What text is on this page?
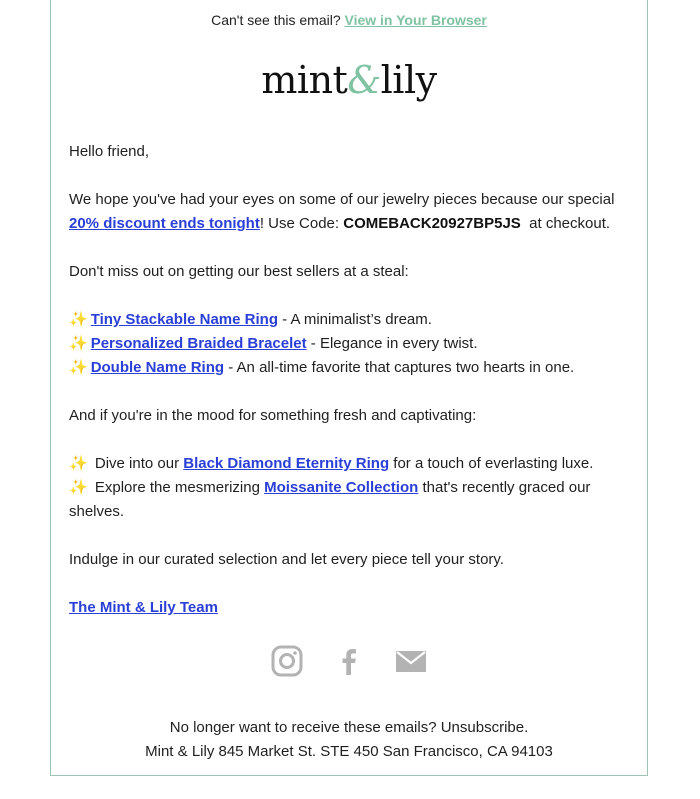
Can't see this email? View in Your Browser
mint&lily

Hello friend,

We hope you've had your eyes on some of our jewelry pieces because our special 20% discount ends tonight! Use Code: COMEBACK20927BP5JS at checkout.

Don't miss out on getting our best sellers at a steal:

✨ Tiny Stackable Name Ring - A minimalist’s dream.
✨ Personalized Braided Bracelet - Elegance in every twist.
✨ Double Name Ring - An all-time favorite that captures two hearts in one.

And if you're in the mood for something fresh and captivating:

✨ Dive into our Black Diamond Eternity Ring for a touch of everlasting luxe.
✨ Explore the mesmerizing Moissanite Collection that's recently graced our shelves.

Indulge in our curated selection and let every piece tell your story.

The Mint & Lily Team

No longer want to receive these emails? Unsubscribe.
Mint & Lily 845 Market St. STE 450 San Francisco, CA 94103
